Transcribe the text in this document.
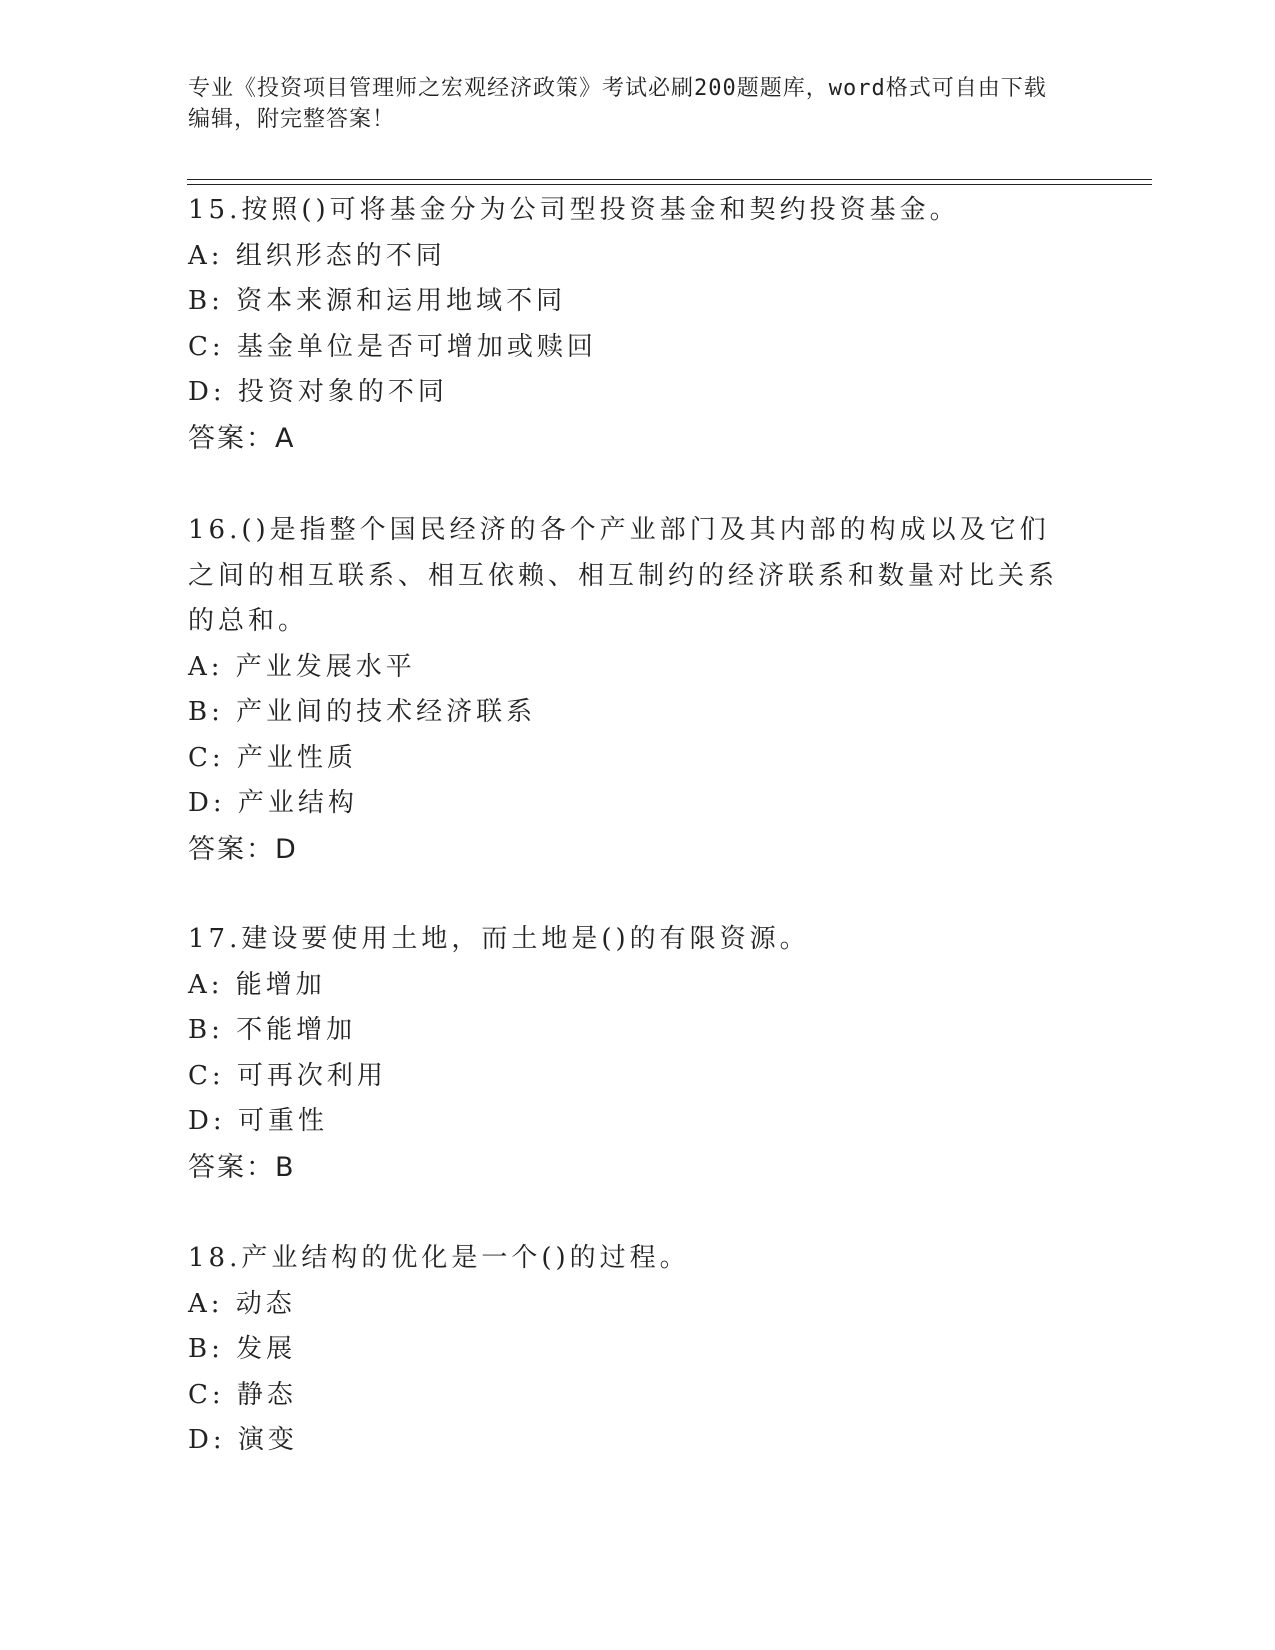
专业《投资项目管理师之宏观经济政策》考试必刷200题题库，word格式可自由下载编辑，附完整答案！
15.按照()可将基金分为公司型投资基金和契约投资基金。
A: 组织形态的不同
B: 资本来源和运用地域不同
C: 基金单位是否可增加或赎回
D: 投资对象的不同
答案：A
16.()是指整个国民经济的各个产业部门及其内部的构成以及它们之间的相互联系、相互依赖、相互制约的经济联系和数量对比关系的总和。
A: 产业发展水平
B: 产业间的技术经济联系
C: 产业性质
D: 产业结构
答案：D
17.建设要使用土地，而土地是()的有限资源。
A: 能增加
B: 不能增加
C: 可再次利用
D: 可重性
答案：B
18.产业结构的优化是一个()的过程。
A: 动态
B: 发展
C: 静态
D: 演变
